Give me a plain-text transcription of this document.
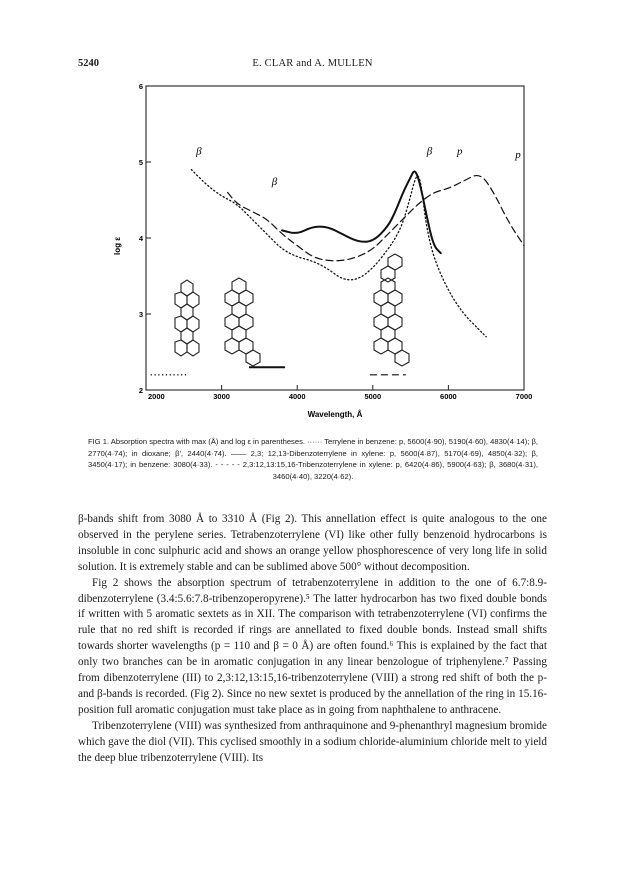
5240	E. CLAR and A. MULLEN
2000	3000	4000	5000	6000	7000
2
3
4
5
6
Wavelength, Å
log ε
β
β
β p	p
FIG 1. Absorption spectra with max (Å) and log ε in parentheses. ······ Terrylene in benzene: p, 5600(4·90), 5190(4·60), 4830(4·14); β, 2770(4·74); in dioxane; β', 2440(4·74). —— 2,3; 12,13-Dibenzoterrylene in xylene: p, 5600(4·87), 5170(4·69), 4850(4·32); β, 3450(4·17); in benzene: 3080(4·33). - - - - - 2,3:12,13:15,16-Tribenzoterrylene in xylene: p, 6420(4·86), 5900(4·63); β, 3680(4·31), 3460(4·40), 3220(4·62).

β-bands shift from 3080 Å to 3310 Å (Fig 2). This annellation effect is quite analogous to the one observed in the perylene series. Tetrabenzoterrylene (VI) like other fully benzenoid hydrocarbons is insoluble in conc sulphuric acid and shows an orange yellow phosphorescence of very long life in solid solution. It is extremely stable and can be sublimed above 500° without decomposition.

Fig 2 shows the absorption spectrum of tetrabenzoterrylene in addition to the one of 6.7:8.9-dibenzoterrylene (3.4:5.6:7.8-tribenzoperopyrene).⁵ The latter hydrocarbon has two fixed double bonds if written with 5 aromatic sextets as in XII. The comparison with tetrabenzoterrylene (VI) confirms the rule that no red shift is recorded if rings are annellated to fixed double bonds. Instead small shifts towards shorter wavelengths (p = 110 and β = 0 Å) are often found.⁶ This is explained by the fact that only two branches can be in aromatic conjugation in any linear benzologue of triphenylene.⁷ Passing from dibenzoterrylene (III) to 2,3:12,13:15,16-tribenzoterrylene (VIII) a strong red shift of both the p- and β-bands is recorded. (Fig 2). Since no new sextet is produced by the annellation of the ring in 15.16-position full aromatic conjugation must take place as in going from naphthalene to anthracene.

Tribenzoterrylene (VIII) was synthesized from anthraquinone and 9-phenanthryl magnesium bromide which gave the diol (VII). This cyclised smoothly in a sodium chloride-aluminium chloride melt to yield the deep blue tribenzoterrylene (VIII). Its
